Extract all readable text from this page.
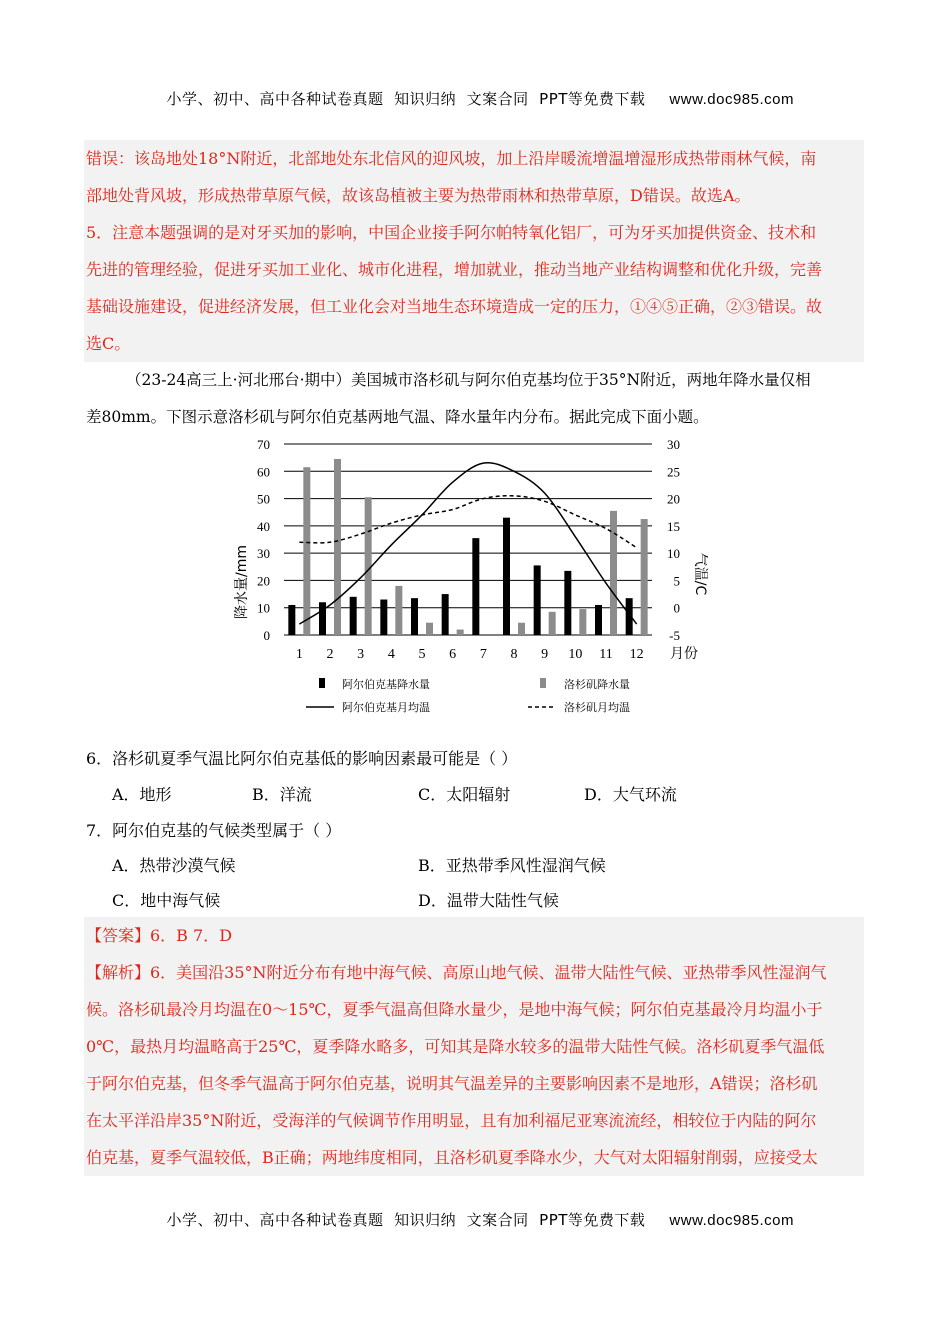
小学、初中、高中各种试卷真题  知识归纳  文案合同  PPT等免费下载 www.doc985.com

错误：该岛地处18°N附近，北部地处东北信风的迎风坡，加上沿岸暖流增温增湿形成热带雨林气候，南
部地处背风坡，形成热带草原气候，故该岛植被主要为热带雨林和热带草原，D错误。故选A。
5．注意本题强调的是对牙买加的影响，中国企业接手阿尔帕特氧化铝厂，可为牙买加提供资金、技术和
先进的管理经验，促进牙买加工业化、城市化进程，增加就业，推动当地产业结构调整和优化升级，完善
基础设施建设，促进经济发展，但工业化会对当地生态环境造成一定的压力，①④⑤正确，②③错误。故
选C。
（23-24高三上·河北邢台·期中）美国城市洛杉矶与阿尔伯克基均位于35°N附近，两地年降水量仅相
差80mm。下图示意洛杉矶与阿尔伯克基两地气温、降水量年内分布。据此完成下面小题。
0
10
20
30
40
50
60
70
-5
0
5
10
15
20
25
30
1 2 3 4 5 6 7 8 9 10 11 12
降水量/mm	气温/C
月份
阿尔伯克基降水量	洛杉矶降水量
阿尔伯克基月均温	洛杉矶月均温
6．洛杉矶夏季气温比阿尔伯克基低的影响因素最可能是（ ）
A．地形	B．洋流	C．太阳辐射	D．大气环流
7．阿尔伯克基的气候类型属于（ ）
A．热带沙漠气候	B．亚热带季风性湿润气候
C．地中海气候	D．温带大陆性气候
【答案】6．B 7．D
【解析】6．美国沿35°N附近分布有地中海气候、高原山地气候、温带大陆性气候、亚热带季风性湿润气
候。洛杉矶最冷月均温在0～15℃，夏季气温高但降水量少，是地中海气候；阿尔伯克基最冷月均温小于
0℃，最热月均温略高于25℃，夏季降水略多，可知其是降水较多的温带大陆性气候。洛杉矶夏季气温低
于阿尔伯克基，但冬季气温高于阿尔伯克基，说明其气温差异的主要影响因素不是地形，A错误；洛杉矶
在太平洋沿岸35°N附近，受海洋的气候调节作用明显，且有加利福尼亚寒流流经，相较位于内陆的阿尔
伯克基，夏季气温较低，B正确；两地纬度相同，且洛杉矶夏季降水少，大气对太阳辐射削弱，应接受太

小学、初中、高中各种试卷真题  知识归纳  文案合同  PPT等免费下载 www.doc985.com
